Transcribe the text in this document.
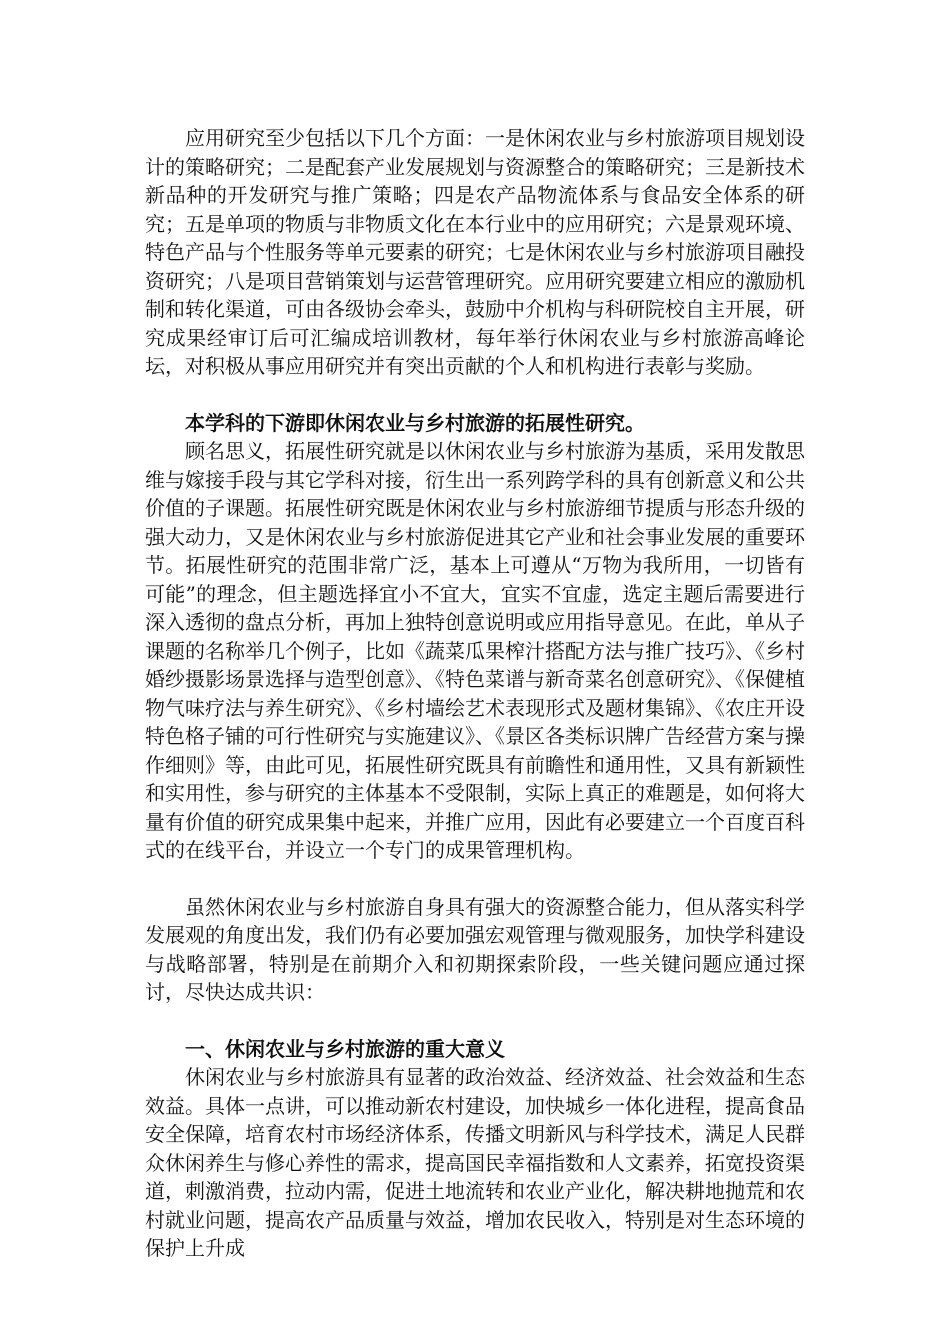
应用研究至少包括以下几个方面：一是休闲农业与乡村旅游项目规划设计的策略研究；二是配套产业发展规划与资源整合的策略研究；三是新技术新品种的开发研究与推广策略；四是农产品物流体系与食品安全体系的研究；五是单项的物质与非物质文化在本行业中的应用研究；六是景观环境、特色产品与个性服务等单元要素的研究；七是休闲农业与乡村旅游项目融投资研究；八是项目营销策划与运营管理研究。应用研究要建立相应的激励机制和转化渠道，可由各级协会牵头，鼓励中介机构与科研院校自主开展，研究成果经审订后可汇编成培训教材，每年举行休闲农业与乡村旅游高峰论坛，对积极从事应用研究并有突出贡献的个人和机构进行表彰与奖励。

本学科的下游即休闲农业与乡村旅游的拓展性研究。

顾名思义，拓展性研究就是以休闲农业与乡村旅游为基质，采用发散思维与嫁接手段与其它学科对接，衍生出一系列跨学科的具有创新意义和公共价值的子课题。拓展性研究既是休闲农业与乡村旅游细节提质与形态升级的强大动力，又是休闲农业与乡村旅游促进其它产业和社会事业发展的重要环节。拓展性研究的范围非常广泛，基本上可遵从“万物为我所用，一切皆有可能”的理念，但主题选择宜小不宜大，宜实不宜虚，选定主题后需要进行深入透彻的盘点分析，再加上独特创意说明或应用指导意见。在此，单从子课题的名称举几个例子，比如《蔬菜瓜果榨汁搭配方法与推广技巧》、《乡村婚纱摄影场景选择与造型创意》、《特色菜谱与新奇菜名创意研究》、《保健植物气味疗法与养生研究》、《乡村墙绘艺术表现形式及题材集锦》、《农庄开设特色格子铺的可行性研究与实施建议》、《景区各类标识牌广告经营方案与操作细则》等，由此可见，拓展性研究既具有前瞻性和通用性，又具有新颖性和实用性，参与研究的主体基本不受限制，实际上真正的难题是，如何将大量有价值的研究成果集中起来，并推广应用，因此有必要建立一个百度百科式的在线平台，并设立一个专门的成果管理机构。

虽然休闲农业与乡村旅游自身具有强大的资源整合能力，但从落实科学发展观的角度出发，我们仍有必要加强宏观管理与微观服务，加快学科建设与战略部署，特别是在前期介入和初期探索阶段，一些关键问题应通过探讨，尽快达成共识：

一、休闲农业与乡村旅游的重大意义

休闲农业与乡村旅游具有显著的政治效益、经济效益、社会效益和生态效益。具体一点讲，可以推动新农村建设，加快城乡一体化进程，提高食品安全保障，培育农村市场经济体系，传播文明新风与科学技术，满足人民群众休闲养生与修心养性的需求，提高国民幸福指数和人文素养，拓宽投资渠道，刺激消费，拉动内需，促进土地流转和农业产业化，解决耕地抛荒和农村就业问题，提高农产品质量与效益，增加农民收入，特别是对生态环境的保护上升成
